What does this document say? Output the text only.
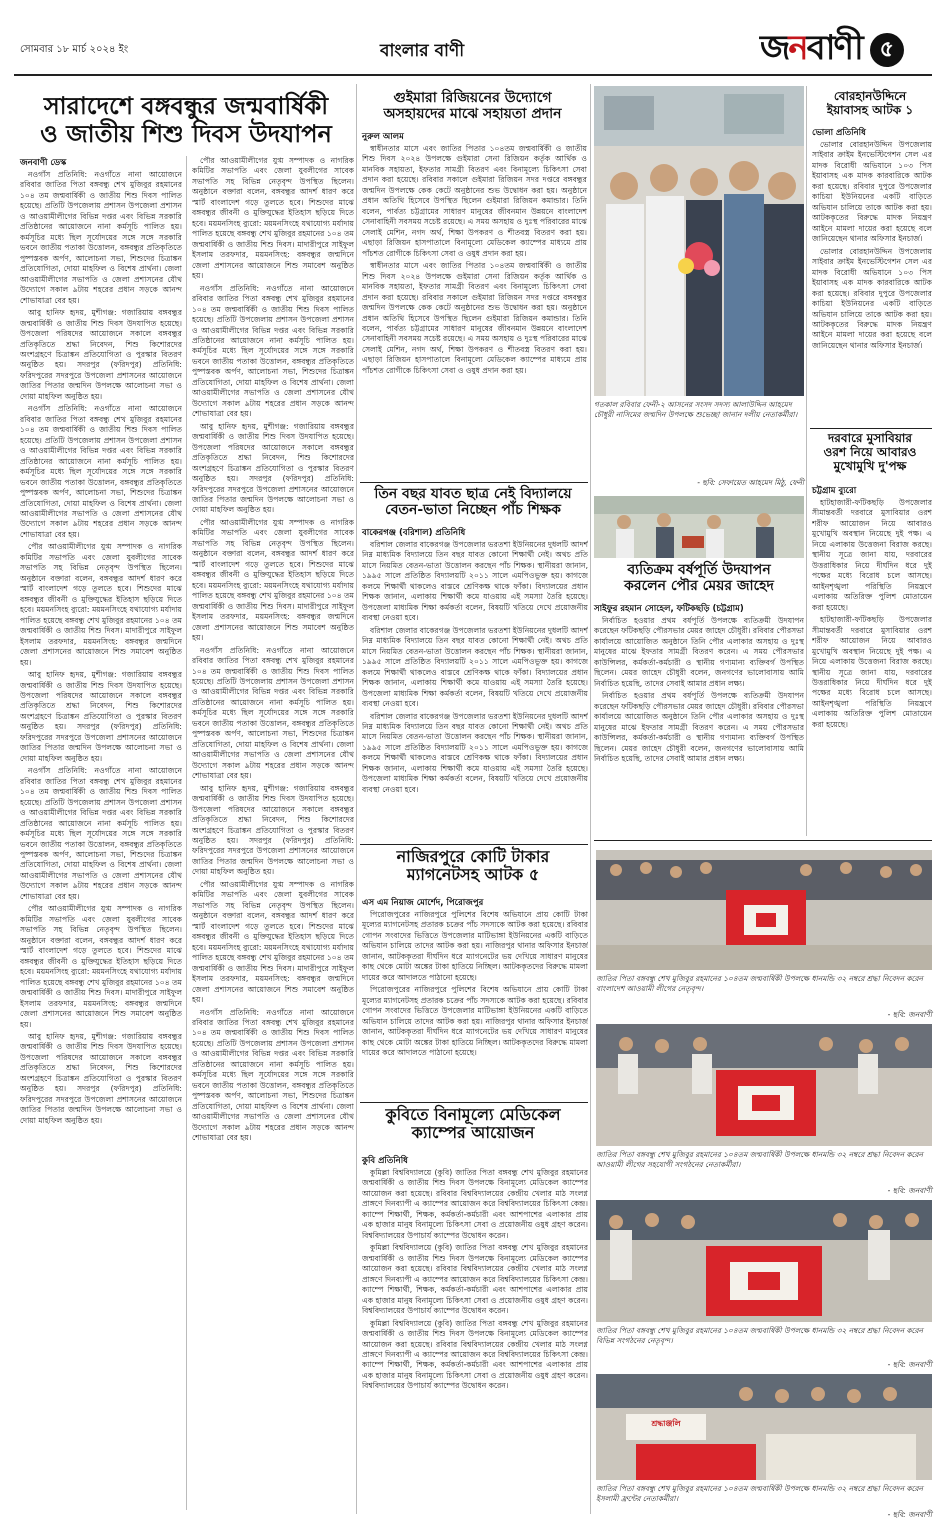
সোমবার ১৮ মার্চ ২০২৪ ইং	বাংলার বাণী	জনবাণী ৫
সারাদেশে বঙ্গবন্ধুর জন্মবার্ষিকী
ও জাতীয় শিশু দিবস উদযাপন
জনবাণী ডেস্ক

নওগাঁস প্রতিনিধি: নওগাঁতে নানা আয়োজনে রবিবার জাতির পিতা বঙ্গবন্ধু শেখ মুজিবুর রহমানের ১০৪ তম জন্মবার্ষিকী ও জাতীয় শিশু দিবস পালিত হয়েছে। প্রতিটি উপজেলায় প্রশাসন উপজেলা প্রশাসন ও আওয়ামীলীগের বিভিন্ন দপ্তর এবং বিভিন্ন সরকারি প্রতিষ্ঠানের আয়োজনে নানা কর্মসূচি পালিত হয়। কর্মসূচির মধ্যে ছিল সূর্যোদয়ের সঙ্গে সঙ্গে সরকারি ভবনে জাতীয় পতাকা উত্তোলন, বঙ্গবন্ধুর প্রতিকৃতিতে পুষ্পস্তবক অর্পণ, আলোচনা সভা, শিশুদের চিত্রাঙ্কন প্রতিযোগিতা, দোয়া মাহফিল ও বিশেষ প্রার্থনা। জেলা আওয়ামীলীগের সভাপতি ও জেলা প্রশাসনের যৌথ উদ্যোগে সকাল ৯টায় শহরের প্রধান সড়কে আনন্দ শোভাযাত্রা বের হয়।

আবু হানিফ হৃদয়, মুশীগঞ্জ: গজারিয়ায় বঙ্গবন্ধুর জন্মবার্ষিকী ও জাতীয় শিশু দিবস উদযাপিত হয়েছে। উপজেলা পরিষদের আয়োজনে সকালে বঙ্গবন্ধুর প্রতিকৃতিতে শ্রদ্ধা নিবেদন, শিশু কিশোরদের অংশগ্রহণে চিত্রাঙ্কন প্রতিযোগিতা ও পুরস্কার বিতরণ অনুষ্ঠিত হয়। সদরপুর (ফরিদপুর) প্রতিনিধি: ফরিদপুরের সদরপুরে উপজেলা প্রশাসনের আয়োজনে জাতির পিতার জন্মদিন উপলক্ষে আলোচনা সভা ও দোয়া মাহফিল অনুষ্ঠিত হয়।

নওগাঁস প্রতিনিধি: নওগাঁতে নানা আয়োজনে রবিবার জাতির পিতা বঙ্গবন্ধু শেখ মুজিবুর রহমানের ১০৪ তম জন্মবার্ষিকী ও জাতীয় শিশু দিবস পালিত হয়েছে। প্রতিটি উপজেলায় প্রশাসন উপজেলা প্রশাসন ও আওয়ামীলীগের বিভিন্ন দপ্তর এবং বিভিন্ন সরকারি প্রতিষ্ঠানের আয়োজনে নানা কর্মসূচি পালিত হয়। কর্মসূচির মধ্যে ছিল সূর্যোদয়ের সঙ্গে সঙ্গে সরকারি ভবনে জাতীয় পতাকা উত্তোলন, বঙ্গবন্ধুর প্রতিকৃতিতে পুষ্পস্তবক অর্পণ, আলোচনা সভা, শিশুদের চিত্রাঙ্কন প্রতিযোগিতা, দোয়া মাহফিল ও বিশেষ প্রার্থনা। জেলা আওয়ামীলীগের সভাপতি ও জেলা প্রশাসনের যৌথ উদ্যোগে সকাল ৯টায় শহরের প্রধান সড়কে আনন্দ শোভাযাত্রা বের হয়।

পৌর আওয়ামীলীগের যুগ্ম সম্পাদক ও নাগরিক কমিটির সভাপতি এবং জেলা যুবলীগের সাবেক সভাপতি সহ বিভিন্ন নেতৃবৃন্দ উপস্থিত ছিলেন। অনুষ্ঠানে বক্তারা বলেন, বঙ্গবন্ধুর আদর্শ ধারণ করে স্মার্ট বাংলাদেশ গড়ে তুলতে হবে। শিশুদের মাঝে বঙ্গবন্ধুর জীবনী ও মুক্তিযুদ্ধের ইতিহাস ছড়িয়ে দিতে হবে। ময়মনসিংহ ব্যুরো: ময়মনসিংহে যথাযোগ্য মর্যাদায় পালিত হয়েছে বঙ্গবন্ধু শেখ মুজিবুর রহমানের ১০৪ তম জন্মবার্ষিকী ও জাতীয় শিশু দিবস। মাদারীপুরে সাইফুল ইসলাম তরফদার, ময়মনসিংহ: বঙ্গবন্ধুর জন্মদিনে জেলা প্রশাসনের আয়োজনে শিশু সমাবেশ অনুষ্ঠিত হয়।

আবু হানিফ হৃদয়, মুশীগঞ্জ: গজারিয়ায় বঙ্গবন্ধুর জন্মবার্ষিকী ও জাতীয় শিশু দিবস উদযাপিত হয়েছে। উপজেলা পরিষদের আয়োজনে সকালে বঙ্গবন্ধুর প্রতিকৃতিতে শ্রদ্ধা নিবেদন, শিশু কিশোরদের অংশগ্রহণে চিত্রাঙ্কন প্রতিযোগিতা ও পুরস্কার বিতরণ অনুষ্ঠিত হয়। সদরপুর (ফরিদপুর) প্রতিনিধি: ফরিদপুরের সদরপুরে উপজেলা প্রশাসনের আয়োজনে জাতির পিতার জন্মদিন উপলক্ষে আলোচনা সভা ও দোয়া মাহফিল অনুষ্ঠিত হয়।

নওগাঁস প্রতিনিধি: নওগাঁতে নানা আয়োজনে রবিবার জাতির পিতা বঙ্গবন্ধু শেখ মুজিবুর রহমানের ১০৪ তম জন্মবার্ষিকী ও জাতীয় শিশু দিবস পালিত হয়েছে। প্রতিটি উপজেলায় প্রশাসন উপজেলা প্রশাসন ও আওয়ামীলীগের বিভিন্ন দপ্তর এবং বিভিন্ন সরকারি প্রতিষ্ঠানের আয়োজনে নানা কর্মসূচি পালিত হয়। কর্মসূচির মধ্যে ছিল সূর্যোদয়ের সঙ্গে সঙ্গে সরকারি ভবনে জাতীয় পতাকা উত্তোলন, বঙ্গবন্ধুর প্রতিকৃতিতে পুষ্পস্তবক অর্পণ, আলোচনা সভা, শিশুদের চিত্রাঙ্কন প্রতিযোগিতা, দোয়া মাহফিল ও বিশেষ প্রার্থনা। জেলা আওয়ামীলীগের সভাপতি ও জেলা প্রশাসনের যৌথ উদ্যোগে সকাল ৯টায় শহরের প্রধান সড়কে আনন্দ শোভাযাত্রা বের হয়।

পৌর আওয়ামীলীগের যুগ্ম সম্পাদক ও নাগরিক কমিটির সভাপতি এবং জেলা যুবলীগের সাবেক সভাপতি সহ বিভিন্ন নেতৃবৃন্দ উপস্থিত ছিলেন। অনুষ্ঠানে বক্তারা বলেন, বঙ্গবন্ধুর আদর্শ ধারণ করে স্মার্ট বাংলাদেশ গড়ে তুলতে হবে। শিশুদের মাঝে বঙ্গবন্ধুর জীবনী ও মুক্তিযুদ্ধের ইতিহাস ছড়িয়ে দিতে হবে। ময়মনসিংহ ব্যুরো: ময়মনসিংহে যথাযোগ্য মর্যাদায় পালিত হয়েছে বঙ্গবন্ধু শেখ মুজিবুর রহমানের ১০৪ তম জন্মবার্ষিকী ও জাতীয় শিশু দিবস। মাদারীপুরে সাইফুল ইসলাম তরফদার, ময়মনসিংহ: বঙ্গবন্ধুর জন্মদিনে জেলা প্রশাসনের আয়োজনে শিশু সমাবেশ অনুষ্ঠিত হয়।

আবু হানিফ হৃদয়, মুশীগঞ্জ: গজারিয়ায় বঙ্গবন্ধুর জন্মবার্ষিকী ও জাতীয় শিশু দিবস উদযাপিত হয়েছে। উপজেলা পরিষদের আয়োজনে সকালে বঙ্গবন্ধুর প্রতিকৃতিতে শ্রদ্ধা নিবেদন, শিশু কিশোরদের অংশগ্রহণে চিত্রাঙ্কন প্রতিযোগিতা ও পুরস্কার বিতরণ অনুষ্ঠিত হয়। সদরপুর (ফরিদপুর) প্রতিনিধি: ফরিদপুরের সদরপুরে উপজেলা প্রশাসনের আয়োজনে জাতির পিতার জন্মদিন উপলক্ষে আলোচনা সভা ও দোয়া মাহফিল অনুষ্ঠিত হয়।

পৌর আওয়ামীলীগের যুগ্ম সম্পাদক ও নাগরিক কমিটির সভাপতি এবং জেলা যুবলীগের সাবেক সভাপতি সহ বিভিন্ন নেতৃবৃন্দ উপস্থিত ছিলেন। অনুষ্ঠানে বক্তারা বলেন, বঙ্গবন্ধুর আদর্শ ধারণ করে স্মার্ট বাংলাদেশ গড়ে তুলতে হবে। শিশুদের মাঝে বঙ্গবন্ধুর জীবনী ও মুক্তিযুদ্ধের ইতিহাস ছড়িয়ে দিতে হবে। ময়মনসিংহ ব্যুরো: ময়মনসিংহে যথাযোগ্য মর্যাদায় পালিত হয়েছে বঙ্গবন্ধু শেখ মুজিবুর রহমানের ১০৪ তম জন্মবার্ষিকী ও জাতীয় শিশু দিবস। মাদারীপুরে সাইফুল ইসলাম তরফদার, ময়মনসিংহ: বঙ্গবন্ধুর জন্মদিনে জেলা প্রশাসনের আয়োজনে শিশু সমাবেশ অনুষ্ঠিত হয়।

নওগাঁস প্রতিনিধি: নওগাঁতে নানা আয়োজনে রবিবার জাতির পিতা বঙ্গবন্ধু শেখ মুজিবুর রহমানের ১০৪ তম জন্মবার্ষিকী ও জাতীয় শিশু দিবস পালিত হয়েছে। প্রতিটি উপজেলায় প্রশাসন উপজেলা প্রশাসন ও আওয়ামীলীগের বিভিন্ন দপ্তর এবং বিভিন্ন সরকারি প্রতিষ্ঠানের আয়োজনে নানা কর্মসূচি পালিত হয়। কর্মসূচির মধ্যে ছিল সূর্যোদয়ের সঙ্গে সঙ্গে সরকারি ভবনে জাতীয় পতাকা উত্তোলন, বঙ্গবন্ধুর প্রতিকৃতিতে পুষ্পস্তবক অর্পণ, আলোচনা সভা, শিশুদের চিত্রাঙ্কন প্রতিযোগিতা, দোয়া মাহফিল ও বিশেষ প্রার্থনা। জেলা আওয়ামীলীগের সভাপতি ও জেলা প্রশাসনের যৌথ উদ্যোগে সকাল ৯টায় শহরের প্রধান সড়কে আনন্দ শোভাযাত্রা বের হয়।

আবু হানিফ হৃদয়, মুশীগঞ্জ: গজারিয়ায় বঙ্গবন্ধুর জন্মবার্ষিকী ও জাতীয় শিশু দিবস উদযাপিত হয়েছে। উপজেলা পরিষদের আয়োজনে সকালে বঙ্গবন্ধুর প্রতিকৃতিতে শ্রদ্ধা নিবেদন, শিশু কিশোরদের অংশগ্রহণে চিত্রাঙ্কন প্রতিযোগিতা ও পুরস্কার বিতরণ অনুষ্ঠিত হয়। সদরপুর (ফরিদপুর) প্রতিনিধি: ফরিদপুরের সদরপুরে উপজেলা প্রশাসনের আয়োজনে জাতির পিতার জন্মদিন উপলক্ষে আলোচনা সভা ও দোয়া মাহফিল অনুষ্ঠিত হয়।

পৌর আওয়ামীলীগের যুগ্ম সম্পাদক ও নাগরিক কমিটির সভাপতি এবং জেলা যুবলীগের সাবেক সভাপতি সহ বিভিন্ন নেতৃবৃন্দ উপস্থিত ছিলেন। অনুষ্ঠানে বক্তারা বলেন, বঙ্গবন্ধুর আদর্শ ধারণ করে স্মার্ট বাংলাদেশ গড়ে তুলতে হবে। শিশুদের মাঝে বঙ্গবন্ধুর জীবনী ও মুক্তিযুদ্ধের ইতিহাস ছড়িয়ে দিতে হবে। ময়মনসিংহ ব্যুরো: ময়মনসিংহে যথাযোগ্য মর্যাদায় পালিত হয়েছে বঙ্গবন্ধু শেখ মুজিবুর রহমানের ১০৪ তম জন্মবার্ষিকী ও জাতীয় শিশু দিবস। মাদারীপুরে সাইফুল ইসলাম তরফদার, ময়মনসিংহ: বঙ্গবন্ধুর জন্মদিনে জেলা প্রশাসনের আয়োজনে শিশু সমাবেশ অনুষ্ঠিত হয়।

নওগাঁস প্রতিনিধি: নওগাঁতে নানা আয়োজনে রবিবার জাতির পিতা বঙ্গবন্ধু শেখ মুজিবুর রহমানের ১০৪ তম জন্মবার্ষিকী ও জাতীয় শিশু দিবস পালিত হয়েছে। প্রতিটি উপজেলায় প্রশাসন উপজেলা প্রশাসন ও আওয়ামীলীগের বিভিন্ন দপ্তর এবং বিভিন্ন সরকারি প্রতিষ্ঠানের আয়োজনে নানা কর্মসূচি পালিত হয়। কর্মসূচির মধ্যে ছিল সূর্যোদয়ের সঙ্গে সঙ্গে সরকারি ভবনে জাতীয় পতাকা উত্তোলন, বঙ্গবন্ধুর প্রতিকৃতিতে পুষ্পস্তবক অর্পণ, আলোচনা সভা, শিশুদের চিত্রাঙ্কন প্রতিযোগিতা, দোয়া মাহফিল ও বিশেষ প্রার্থনা। জেলা আওয়ামীলীগের সভাপতি ও জেলা প্রশাসনের যৌথ উদ্যোগে সকাল ৯টায় শহরের প্রধান সড়কে আনন্দ শোভাযাত্রা বের হয়।

আবু হানিফ হৃদয়, মুশীগঞ্জ: গজারিয়ায় বঙ্গবন্ধুর জন্মবার্ষিকী ও জাতীয় শিশু দিবস উদযাপিত হয়েছে। উপজেলা পরিষদের আয়োজনে সকালে বঙ্গবন্ধুর প্রতিকৃতিতে শ্রদ্ধা নিবেদন, শিশু কিশোরদের অংশগ্রহণে চিত্রাঙ্কন প্রতিযোগিতা ও পুরস্কার বিতরণ অনুষ্ঠিত হয়। সদরপুর (ফরিদপুর) প্রতিনিধি: ফরিদপুরের সদরপুরে উপজেলা প্রশাসনের আয়োজনে জাতির পিতার জন্মদিন উপলক্ষে আলোচনা সভা ও দোয়া মাহফিল অনুষ্ঠিত হয়।

পৌর আওয়ামীলীগের যুগ্ম সম্পাদক ও নাগরিক কমিটির সভাপতি এবং জেলা যুবলীগের সাবেক সভাপতি সহ বিভিন্ন নেতৃবৃন্দ উপস্থিত ছিলেন। অনুষ্ঠানে বক্তারা বলেন, বঙ্গবন্ধুর আদর্শ ধারণ করে স্মার্ট বাংলাদেশ গড়ে তুলতে হবে। শিশুদের মাঝে বঙ্গবন্ধুর জীবনী ও মুক্তিযুদ্ধের ইতিহাস ছড়িয়ে দিতে হবে। ময়মনসিংহ ব্যুরো: ময়মনসিংহে যথাযোগ্য মর্যাদায় পালিত হয়েছে বঙ্গবন্ধু শেখ মুজিবুর রহমানের ১০৪ তম জন্মবার্ষিকী ও জাতীয় শিশু দিবস। মাদারীপুরে সাইফুল ইসলাম তরফদার, ময়মনসিংহ: বঙ্গবন্ধুর জন্মদিনে জেলা প্রশাসনের আয়োজনে শিশু সমাবেশ অনুষ্ঠিত হয়।

নওগাঁস প্রতিনিধি: নওগাঁতে নানা আয়োজনে রবিবার জাতির পিতা বঙ্গবন্ধু শেখ মুজিবুর রহমানের ১০৪ তম জন্মবার্ষিকী ও জাতীয় শিশু দিবস পালিত হয়েছে। প্রতিটি উপজেলায় প্রশাসন উপজেলা প্রশাসন ও আওয়ামীলীগের বিভিন্ন দপ্তর এবং বিভিন্ন সরকারি প্রতিষ্ঠানের আয়োজনে নানা কর্মসূচি পালিত হয়। কর্মসূচির মধ্যে ছিল সূর্যোদয়ের সঙ্গে সঙ্গে সরকারি ভবনে জাতীয় পতাকা উত্তোলন, বঙ্গবন্ধুর প্রতিকৃতিতে পুষ্পস্তবক অর্পণ, আলোচনা সভা, শিশুদের চিত্রাঙ্কন প্রতিযোগিতা, দোয়া মাহফিল ও বিশেষ প্রার্থনা। জেলা আওয়ামীলীগের সভাপতি ও জেলা প্রশাসনের যৌথ উদ্যোগে সকাল ৯টায় শহরের প্রধান সড়কে আনন্দ শোভাযাত্রা বের হয়।

গুইমারা রিজিয়নের উদ্যোগে
অসহায়দের মাঝে সহায়তা প্রদান
নুরুল আলম

স্বাধীনতার মাসে এবং জাতির পিতার ১০৪তম জন্মবার্ষিকী ও জাতীয় শিশু দিবস ২০২৪ উপলক্ষে গুইমারা সেনা রিজিয়ন কর্তৃক আর্থিক ও মানবিক সহায়তা, ইফতার সামগ্রী বিতরণ এবং বিনামূল্যে চিকিৎসা সেবা প্রদান করা হয়েছে। রবিবার সকালে গুইমারা রিজিয়ন সদর দপ্তরে বঙ্গবন্ধুর জন্মদিন উপলক্ষে কেক কেটে অনুষ্ঠানের শুভ উদ্বোধন করা হয়। অনুষ্ঠানে প্রধান অতিথি হিসেবে উপস্থিত ছিলেন গুইমারা রিজিয়ন কমান্ডার। তিনি বলেন, পার্বত্য চট্টগ্রামের সাধারণ মানুষের জীবনমান উন্নয়নে বাংলাদেশ সেনাবাহিনী সবসময় সচেষ্ট রয়েছে। এ সময় অসহায় ও দুঃস্থ পরিবারের মাঝে সেলাই মেশিন, নগদ অর্থ, শিক্ষা উপকরণ ও শীতবস্ত্র বিতরণ করা হয়। এছাড়া রিজিয়ন হাসপাতালে বিনামূল্যে মেডিকেল ক্যাম্পের মাধ্যমে প্রায় পাঁচশত রোগীকে চিকিৎসা সেবা ও ওষুধ প্রদান করা হয়।

স্বাধীনতার মাসে এবং জাতির পিতার ১০৪তম জন্মবার্ষিকী ও জাতীয় শিশু দিবস ২০২৪ উপলক্ষে গুইমারা সেনা রিজিয়ন কর্তৃক আর্থিক ও মানবিক সহায়তা, ইফতার সামগ্রী বিতরণ এবং বিনামূল্যে চিকিৎসা সেবা প্রদান করা হয়েছে। রবিবার সকালে গুইমারা রিজিয়ন সদর দপ্তরে বঙ্গবন্ধুর জন্মদিন উপলক্ষে কেক কেটে অনুষ্ঠানের শুভ উদ্বোধন করা হয়। অনুষ্ঠানে প্রধান অতিথি হিসেবে উপস্থিত ছিলেন গুইমারা রিজিয়ন কমান্ডার। তিনি বলেন, পার্বত্য চট্টগ্রামের সাধারণ মানুষের জীবনমান উন্নয়নে বাংলাদেশ সেনাবাহিনী সবসময় সচেষ্ট রয়েছে। এ সময় অসহায় ও দুঃস্থ পরিবারের মাঝে সেলাই মেশিন, নগদ অর্থ, শিক্ষা উপকরণ ও শীতবস্ত্র বিতরণ করা হয়। এছাড়া রিজিয়ন হাসপাতালে বিনামূল্যে মেডিকেল ক্যাম্পের মাধ্যমে প্রায় পাঁচশত রোগীকে চিকিৎসা সেবা ও ওষুধ প্রদান করা হয়।

গতকাল রবিবার ফেনী-২ আসনের সংসদ সদস্য আলাউদ্দিন আহমেদ চৌধুরী নাসিমের জন্মদিন উপলক্ষে শুভেচ্ছা জানান দলীয় নেতাকর্মীরা।
- ছবি: সেফায়েত আহমেদ মিঠু, ফেনী
বোরহানউদ্দিনে
ইয়াবাসহ আটক ১
ভোলা প্রতিনিধি

ভোলার বোরহানউদ্দিন উপজেলায় সাইবার ক্রাইম ইনভেস্টিগেশন সেল এর মাদক বিরোধী অভিযানে ১০৩ পিস ইয়াবাসহ এক মাদক কারবারিকে আটক করা হয়েছে। রবিবার দুপুরে উপজেলার কাচিয়া ইউনিয়নের একটি বাড়িতে অভিযান চালিয়ে তাকে আটক করা হয়। আটককৃতের বিরুদ্ধে মাদক নিয়ন্ত্রণ আইনে মামলা দায়ের করা হয়েছে বলে জানিয়েছেন থানার অফিসার ইনচার্জ।

ভোলার বোরহানউদ্দিন উপজেলায় সাইবার ক্রাইম ইনভেস্টিগেশন সেল এর মাদক বিরোধী অভিযানে ১০৩ পিস ইয়াবাসহ এক মাদক কারবারিকে আটক করা হয়েছে। রবিবার দুপুরে উপজেলার কাচিয়া ইউনিয়নের একটি বাড়িতে অভিযান চালিয়ে তাকে আটক করা হয়। আটককৃতের বিরুদ্ধে মাদক নিয়ন্ত্রণ আইনে মামলা দায়ের করা হয়েছে বলে জানিয়েছেন থানার অফিসার ইনচার্জ।

দরবারে মুসাবিয়ার
ওরশ নিয়ে আবারও
মুখোমুখি দু'পক্ষ
চট্টগ্রাম ব্যুরো

হাটহাজারী-ফটিকছড়ি উপজেলার সীমান্তবর্তী দরবারে মুসাবিয়ার ওরশ শরীফ আয়োজন নিয়ে আবারও মুখোমুখি অবস্থান নিয়েছে দুই পক্ষ। এ নিয়ে এলাকায় উত্তেজনা বিরাজ করছে। স্থানীয় সূত্রে জানা যায়, দরবারের উত্তরাধিকার নিয়ে দীর্ঘদিন ধরে দুই পক্ষের মধ্যে বিরোধ চলে আসছে। আইনশৃঙ্খলা পরিস্থিতি নিয়ন্ত্রণে এলাকায় অতিরিক্ত পুলিশ মোতায়েন করা হয়েছে।

হাটহাজারী-ফটিকছড়ি উপজেলার সীমান্তবর্তী দরবারে মুসাবিয়ার ওরশ শরীফ আয়োজন নিয়ে আবারও মুখোমুখি অবস্থান নিয়েছে দুই পক্ষ। এ নিয়ে এলাকায় উত্তেজনা বিরাজ করছে। স্থানীয় সূত্রে জানা যায়, দরবারের উত্তরাধিকার নিয়ে দীর্ঘদিন ধরে দুই পক্ষের মধ্যে বিরোধ চলে আসছে। আইনশৃঙ্খলা পরিস্থিতি নিয়ন্ত্রণে এলাকায় অতিরিক্ত পুলিশ মোতায়েন করা হয়েছে।

ব্যতিক্রম বর্ষপূর্তি উদযাপন
করলেন পৌর মেয়র জাহেদ
সাইফুর রহমান সোহেল, ফটিকছড়ি (চট্টগ্রাম)

নির্বাচিত হওয়ার প্রথম বর্ষপূর্তি উপলক্ষে ব্যতিক্রমী উদযাপন করেছেন ফটিকছড়ি পৌরসভার মেয়র জাহেদ চৌধুরী। রবিবার পৌরসভা কার্যালয়ে আয়োজিত অনুষ্ঠানে তিনি পৌর এলাকার অসহায় ও দুঃস্থ মানুষের মাঝে ইফতার সামগ্রী বিতরণ করেন। এ সময় পৌরসভার কাউন্সিলর, কর্মকর্তা-কর্মচারী ও স্থানীয় গণ্যমান্য ব্যক্তিবর্গ উপস্থিত ছিলেন। মেয়র জাহেদ চৌধুরী বলেন, জনগণের ভালোবাসায় আমি নির্বাচিত হয়েছি, তাদের সেবাই আমার প্রধান লক্ষ্য।

নির্বাচিত হওয়ার প্রথম বর্ষপূর্তি উপলক্ষে ব্যতিক্রমী উদযাপন করেছেন ফটিকছড়ি পৌরসভার মেয়র জাহেদ চৌধুরী। রবিবার পৌরসভা কার্যালয়ে আয়োজিত অনুষ্ঠানে তিনি পৌর এলাকার অসহায় ও দুঃস্থ মানুষের মাঝে ইফতার সামগ্রী বিতরণ করেন। এ সময় পৌরসভার কাউন্সিলর, কর্মকর্তা-কর্মচারী ও স্থানীয় গণ্যমান্য ব্যক্তিবর্গ উপস্থিত ছিলেন। মেয়র জাহেদ চৌধুরী বলেন, জনগণের ভালোবাসায় আমি নির্বাচিত হয়েছি, তাদের সেবাই আমার প্রধান লক্ষ্য।

তিন বছর যাবত ছাত্র নেই বিদ্যালয়ে
বেতন-ভাতা নিচ্ছেন পাঁচ শিক্ষক
বাকেরগঞ্জ (বরিশাল) প্রতিনিধি

বরিশাল জেলার বাকেরগঞ্জ উপজেলার ভরতশা ইউনিয়নের দুধলটি আদর্শ নিম্ন মাধ্যমিক বিদ্যালয়ে তিন বছর যাবত কোনো শিক্ষার্থী নেই। অথচ প্রতি মাসে নিয়মিত বেতন-ভাতা উত্তোলন করছেন পাঁচ শিক্ষক। স্থানীয়রা জানান, ১৯৯৫ সালে প্রতিষ্ঠিত বিদ্যালয়টি ২০১১ সালে এমপিওভুক্ত হয়। কাগজে কলমে শিক্ষার্থী থাকলেও বাস্তবে শ্রেণিকক্ষ থাকে ফাঁকা। বিদ্যালয়ের প্রধান শিক্ষক জানান, এলাকায় শিক্ষার্থী কমে যাওয়ায় এই সমস্যা তৈরি হয়েছে। উপজেলা মাধ্যমিক শিক্ষা কর্মকর্তা বলেন, বিষয়টি খতিয়ে দেখে প্রয়োজনীয় ব্যবস্থা নেওয়া হবে।

বরিশাল জেলার বাকেরগঞ্জ উপজেলার ভরতশা ইউনিয়নের দুধলটি আদর্শ নিম্ন মাধ্যমিক বিদ্যালয়ে তিন বছর যাবত কোনো শিক্ষার্থী নেই। অথচ প্রতি মাসে নিয়মিত বেতন-ভাতা উত্তোলন করছেন পাঁচ শিক্ষক। স্থানীয়রা জানান, ১৯৯৫ সালে প্রতিষ্ঠিত বিদ্যালয়টি ২০১১ সালে এমপিওভুক্ত হয়। কাগজে কলমে শিক্ষার্থী থাকলেও বাস্তবে শ্রেণিকক্ষ থাকে ফাঁকা। বিদ্যালয়ের প্রধান শিক্ষক জানান, এলাকায় শিক্ষার্থী কমে যাওয়ায় এই সমস্যা তৈরি হয়েছে। উপজেলা মাধ্যমিক শিক্ষা কর্মকর্তা বলেন, বিষয়টি খতিয়ে দেখে প্রয়োজনীয় ব্যবস্থা নেওয়া হবে।

বরিশাল জেলার বাকেরগঞ্জ উপজেলার ভরতশা ইউনিয়নের দুধলটি আদর্শ নিম্ন মাধ্যমিক বিদ্যালয়ে তিন বছর যাবত কোনো শিক্ষার্থী নেই। অথচ প্রতি মাসে নিয়মিত বেতন-ভাতা উত্তোলন করছেন পাঁচ শিক্ষক। স্থানীয়রা জানান, ১৯৯৫ সালে প্রতিষ্ঠিত বিদ্যালয়টি ২০১১ সালে এমপিওভুক্ত হয়। কাগজে কলমে শিক্ষার্থী থাকলেও বাস্তবে শ্রেণিকক্ষ থাকে ফাঁকা। বিদ্যালয়ের প্রধান শিক্ষক জানান, এলাকায় শিক্ষার্থী কমে যাওয়ায় এই সমস্যা তৈরি হয়েছে। উপজেলা মাধ্যমিক শিক্ষা কর্মকর্তা বলেন, বিষয়টি খতিয়ে দেখে প্রয়োজনীয় ব্যবস্থা নেওয়া হবে।

নাজিরপুরে কোটি টাকার
ম্যাগনেটসহ আটক ৫
এস এম নিয়াজ মোর্শেদ, পিরোজপুর

পিরোজপুরের নাজিরপুরে পুলিশের বিশেষ অভিযানে প্রায় কোটি টাকা মূল্যের ম্যাগনেটসহ প্রতারক চক্রের পাঁচ সদস্যকে আটক করা হয়েছে। রবিবার গোপন সংবাদের ভিত্তিতে উপজেলার মাটিভাঙ্গা ইউনিয়নের একটি বাড়িতে অভিযান চালিয়ে তাদের আটক করা হয়। নাজিরপুর থানার অফিসার ইনচার্জ জানান, আটককৃতরা দীর্ঘদিন ধরে ম্যাগনেটের ভয় দেখিয়ে সাধারণ মানুষের কাছ থেকে মোটা অঙ্কের টাকা হাতিয়ে নিচ্ছিল। আটককৃতদের বিরুদ্ধে মামলা দায়ের করে আদালতে পাঠানো হয়েছে।

পিরোজপুরের নাজিরপুরে পুলিশের বিশেষ অভিযানে প্রায় কোটি টাকা মূল্যের ম্যাগনেটসহ প্রতারক চক্রের পাঁচ সদস্যকে আটক করা হয়েছে। রবিবার গোপন সংবাদের ভিত্তিতে উপজেলার মাটিভাঙ্গা ইউনিয়নের একটি বাড়িতে অভিযান চালিয়ে তাদের আটক করা হয়। নাজিরপুর থানার অফিসার ইনচার্জ জানান, আটককৃতরা দীর্ঘদিন ধরে ম্যাগনেটের ভয় দেখিয়ে সাধারণ মানুষের কাছ থেকে মোটা অঙ্কের টাকা হাতিয়ে নিচ্ছিল। আটককৃতদের বিরুদ্ধে মামলা দায়ের করে আদালতে পাঠানো হয়েছে।

কুবিতে বিনামূল্যে মেডিকেল
ক্যাম্পের আয়োজন
কুবি প্রতিনিধি

কুমিল্লা বিশ্ববিদ্যালয়ে (কুবি) জাতির পিতা বঙ্গবন্ধু শেখ মুজিবুর রহমানের জন্মবার্ষিকী ও জাতীয় শিশু দিবস উপলক্ষে বিনামূল্যে মেডিকেল ক্যাম্পের আয়োজন করা হয়েছে। রবিবার বিশ্ববিদ্যালয়ের কেন্দ্রীয় খেলার মাঠ সংলগ্ন প্রাঙ্গণে দিনব্যাপী এ ক্যাম্পের আয়োজন করে বিশ্ববিদ্যালয়ের চিকিৎসা কেন্দ্র। ক্যাম্পে শিক্ষার্থী, শিক্ষক, কর্মকর্তা-কর্মচারী এবং আশপাশের এলাকার প্রায় এক হাজার মানুষ বিনামূল্যে চিকিৎসা সেবা ও প্রয়োজনীয় ওষুধ গ্রহণ করেন। বিশ্ববিদ্যালয়ের উপাচার্য ক্যাম্পের উদ্বোধন করেন।

কুমিল্লা বিশ্ববিদ্যালয়ে (কুবি) জাতির পিতা বঙ্গবন্ধু শেখ মুজিবুর রহমানের জন্মবার্ষিকী ও জাতীয় শিশু দিবস উপলক্ষে বিনামূল্যে মেডিকেল ক্যাম্পের আয়োজন করা হয়েছে। রবিবার বিশ্ববিদ্যালয়ের কেন্দ্রীয় খেলার মাঠ সংলগ্ন প্রাঙ্গণে দিনব্যাপী এ ক্যাম্পের আয়োজন করে বিশ্ববিদ্যালয়ের চিকিৎসা কেন্দ্র। ক্যাম্পে শিক্ষার্থী, শিক্ষক, কর্মকর্তা-কর্মচারী এবং আশপাশের এলাকার প্রায় এক হাজার মানুষ বিনামূল্যে চিকিৎসা সেবা ও প্রয়োজনীয় ওষুধ গ্রহণ করেন। বিশ্ববিদ্যালয়ের উপাচার্য ক্যাম্পের উদ্বোধন করেন।

কুমিল্লা বিশ্ববিদ্যালয়ে (কুবি) জাতির পিতা বঙ্গবন্ধু শেখ মুজিবুর রহমানের জন্মবার্ষিকী ও জাতীয় শিশু দিবস উপলক্ষে বিনামূল্যে মেডিকেল ক্যাম্পের আয়োজন করা হয়েছে। রবিবার বিশ্ববিদ্যালয়ের কেন্দ্রীয় খেলার মাঠ সংলগ্ন প্রাঙ্গণে দিনব্যাপী এ ক্যাম্পের আয়োজন করে বিশ্ববিদ্যালয়ের চিকিৎসা কেন্দ্র। ক্যাম্পে শিক্ষার্থী, শিক্ষক, কর্মকর্তা-কর্মচারী এবং আশপাশের এলাকার প্রায় এক হাজার মানুষ বিনামূল্যে চিকিৎসা সেবা ও প্রয়োজনীয় ওষুধ গ্রহণ করেন। বিশ্ববিদ্যালয়ের উপাচার্য ক্যাম্পের উদ্বোধন করেন।

জাতির পিতা বঙ্গবন্ধু শেখ মুজিবুর রহমানের ১০৪তম জন্মবার্ষিকী উপলক্ষে ধানমন্ডি ৩২ নম্বরে শ্রদ্ধা নিবেদন করেন বাংলাদেশ আওয়ামী লীগের নেতৃবৃন্দ।
- ছবি: জনবাণী
জাতির পিতা বঙ্গবন্ধু শেখ মুজিবুর রহমানের ১০৪তম জন্মবার্ষিকী উপলক্ষে ধানমন্ডি ৩২ নম্বরে শ্রদ্ধা নিবেদন করেন আওয়ামী লীগের সহযোগী সংগঠনের নেতাকর্মীরা।
- ছবি: জনবাণী
জাতির পিতা বঙ্গবন্ধু শেখ মুজিবুর রহমানের ১০৪তম জন্মবার্ষিকী উপলক্ষে ধানমন্ডি ৩২ নম্বরে শ্রদ্ধা নিবেদন করেন বিভিন্ন সংগঠনের নেতৃবৃন্দ।
- ছবি: জনবাণী
শ্রদ্ধাঞ্জলি
জাতির পিতা বঙ্গবন্ধু শেখ মুজিবুর রহমানের ১০৪তম জন্মবার্ষিকী উপলক্ষে ধানমন্ডি ৩২ নম্বরে শ্রদ্ধা নিবেদন করেন ইসলামী ফ্রন্টের নেতাকর্মীরা।
- ছবি: জনবাণী
